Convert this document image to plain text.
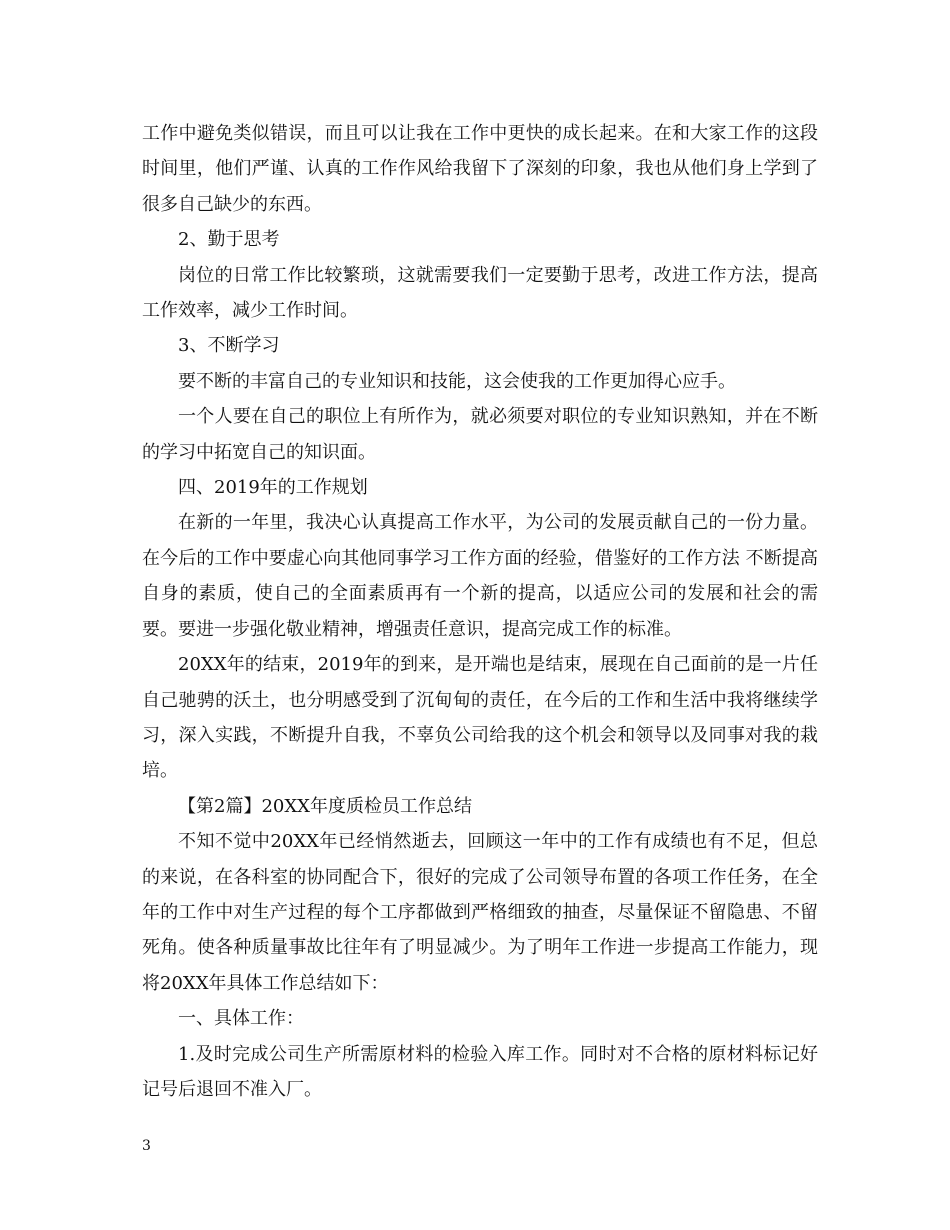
工作中避免类似错误，而且可以让我在工作中更快的成长起来。在和大家工作的这段时间里，他们严谨、认真的工作作风给我留下了深刻的印象，我也从他们身上学到了很多自己缺少的东西。

2、勤于思考

岗位的日常工作比较繁琐，这就需要我们一定要勤于思考，改进工作方法，提高工作效率，减少工作时间。

3、不断学习

要不断的丰富自己的专业知识和技能，这会使我的工作更加得心应手。

一个人要在自己的职位上有所作为，就必须要对职位的专业知识熟知，并在不断的学习中拓宽自己的知识面。

四、2019年的工作规划

在新的一年里，我决心认真提高工作水平，为公司的发展贡献自己的一份力量。在今后的工作中要虚心向其他同事学习工作方面的经验，借鉴好的工作方法 不断提高自身的素质，使自己的全面素质再有一个新的提高，以适应公司的发展和社会的需要。要进一步强化敬业精神，增强责任意识，提高完成工作的标准。

20XX年的结束，2019年的到来，是开端也是结束，展现在自己面前的是一片任自己驰骋的沃土，也分明感受到了沉甸甸的责任，在今后的工作和生活中我将继续学习，深入实践，不断提升自我，不辜负公司给我的这个机会和领导以及同事对我的栽培。

【第2篇】20XX年度质检员工作总结

不知不觉中20XX年已经悄然逝去，回顾这一年中的工作有成绩也有不足，但总的来说，在各科室的协同配合下，很好的完成了公司领导布置的各项工作任务，在全年的工作中对生产过程的每个工序都做到严格细致的抽查，尽量保证不留隐患、不留死角。使各种质量事故比往年有了明显减少。为了明年工作进一步提高工作能力，现将20XX年具体工作总结如下：

一、具体工作：

1.及时完成公司生产所需原材料的检验入库工作。同时对不合格的原材料标记好记号后退回不准入厂。

3
